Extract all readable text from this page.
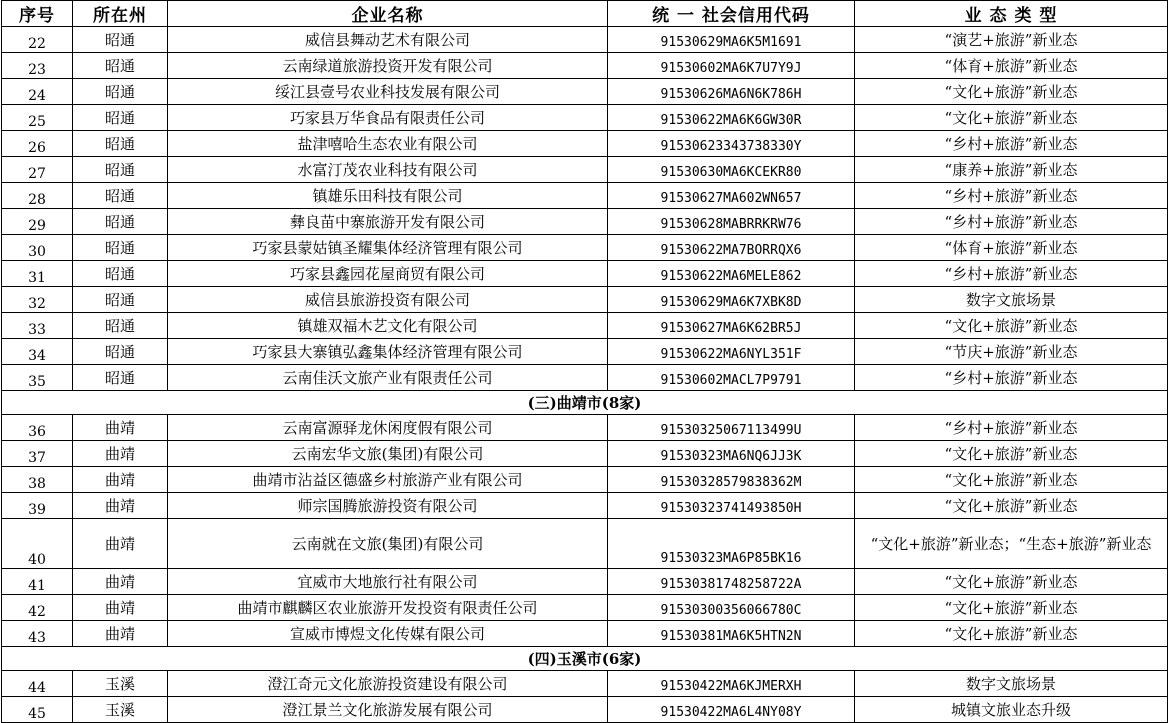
序号	所在州	企业名称	统 一 社会信用代码	业 态 类 型
22	昭通	威信县舞动艺术有限公司	91530629MA6K5M1691	“演艺+旅游”新业态
23	昭通	云南绿道旅游投资开发有限公司	91530602MA6K7U7Y9J	“体育+旅游”新业态
24	昭通	绥江县壹号农业科技发展有限公司	91530626MA6N6K786H	“文化+旅游”新业态
25	昭通	巧家县万华食品有限责任公司	91530622MA6K6GW30R	“文化+旅游”新业态
26	昭通	盐津嘻哈生态农业有限公司	91530623343738330Y	“乡村+旅游”新业态
27	昭通	水富汀茂农业科技有限公司	91530630MA6KCEKR80	“康养+旅游”新业态
28	昭通	镇雄乐田科技有限公司	91530627MA602WN657	“乡村+旅游”新业态
29	昭通	彝良苗中寨旅游开发有限公司	91530628MABRRKRW76	“乡村+旅游”新业态
30	昭通	巧家县蒙姑镇圣耀集体经济管理有限公司	91530622MA7BORRQX6	“体育+旅游”新业态
31	昭通	巧家县鑫园花屋商贸有限公司	91530622MA6MELE862	“乡村+旅游”新业态
32	昭通	威信县旅游投资有限公司	91530629MA6K7XBK8D	数字文旅场景
33	昭通	镇雄双福木艺文化有限公司	91530627MA6K62BR5J	“文化+旅游”新业态
34	昭通	巧家县大寨镇弘鑫集体经济管理有限公司	91530622MA6NYL351F	“节庆+旅游”新业态
35	昭通	云南佳沃文旅产业有限责任公司	91530602MACL7P9791	“乡村+旅游”新业态
(三)曲靖市(8家)				
36	曲靖	云南富源驿龙休闲度假有限公司	91530325067113499U	“乡村+旅游”新业态
37	曲靖	云南宏华文旅(集团)有限公司	91530323MA6NQ6JJ3K	“文化+旅游”新业态
38	曲靖	曲靖市沾益区德盛乡村旅游产业有限公司	91530328579838362M	“文化+旅游”新业态
39	曲靖	师宗国腾旅游投资有限公司	91530323741493850H	“文化+旅游”新业态
40	曲靖	云南就在文旅(集团)有限公司	91530323MA6P85BK16	“文化+旅游”新业态；“生态+旅游”新业态
41	曲靖	宜威市大地旅行社有限公司	91530381748258722A	“文化+旅游”新业态
42	曲靖	曲靖市麒麟区农业旅游开发投资有限责任公司	91530300356066780C	“文化+旅游”新业态
43	曲靖	宣威市博煜文化传媒有限公司	91530381MA6K5HTN2N	“文化+旅游”新业态
(四)玉溪市(6家)				
44	玉溪	澄江奇元文化旅游投资建设有限公司	91530422MA6KJMERXH	数字文旅场景
45	玉溪	澄江景兰文化旅游发展有限公司	91530422MA6L4NY08Y	城镇文旅业态升级
